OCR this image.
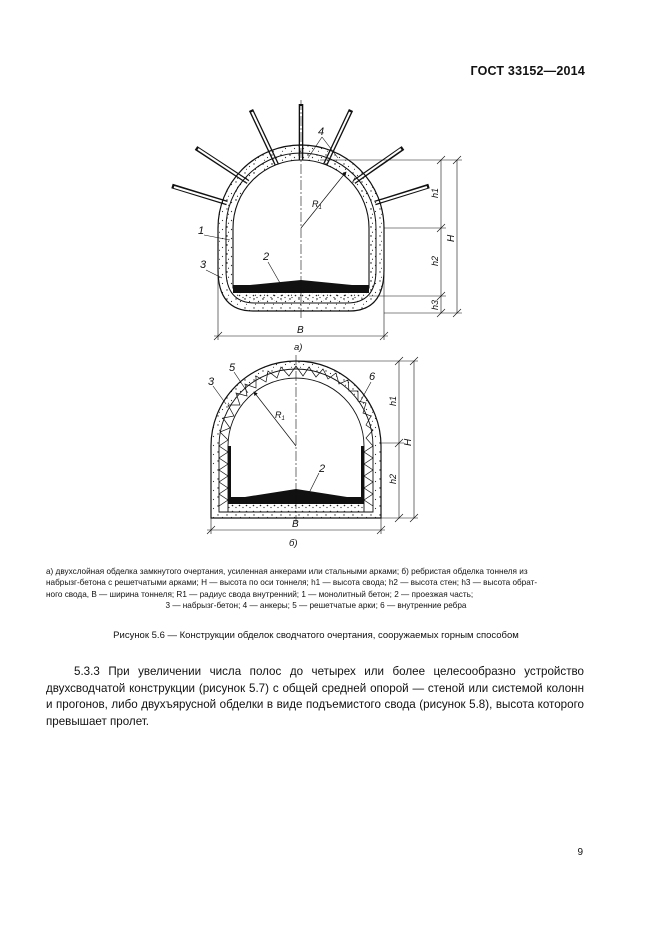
ГОСТ 33152—2014
$R_1$
4
1
3
2
h1
h2
h3
H
B
а)
$R_1$
5
3	6
2
h1
h2
H
B
б)
а) двухслойная обделка замкнутого очертания, усиленная анкерами или стальными арками; б) ребристая обделка тоннеля из
набрызг-бетона с решетчатыми арками; Н — высота по оси тоннеля; h1 — высота свода; h2 — высота стен; h3 — высота обрат-
ного свода, В — ширина тоннеля; R1 — радиус свода внутренний; 1 — монолитный бетон; 2 — проезжая часть;
3 — набрызг-бетон; 4 — анкеры; 5 — решетчатые арки; 6 — внутренние ребра
Рисунок 5.6 — Конструкции обделок сводчатого очертания, сооружаемых горным способом
5.3.3 При увеличении числа полос до четырех или более целесообразно устройство двухсводчатой конструкции (рисунок 5.7) с общей средней опорой — стеной или системой колонн и прогонов, либо двухъярусной обделки в виде подъемистого свода (рисунок 5.8), высота которого превышает пролет.
9
